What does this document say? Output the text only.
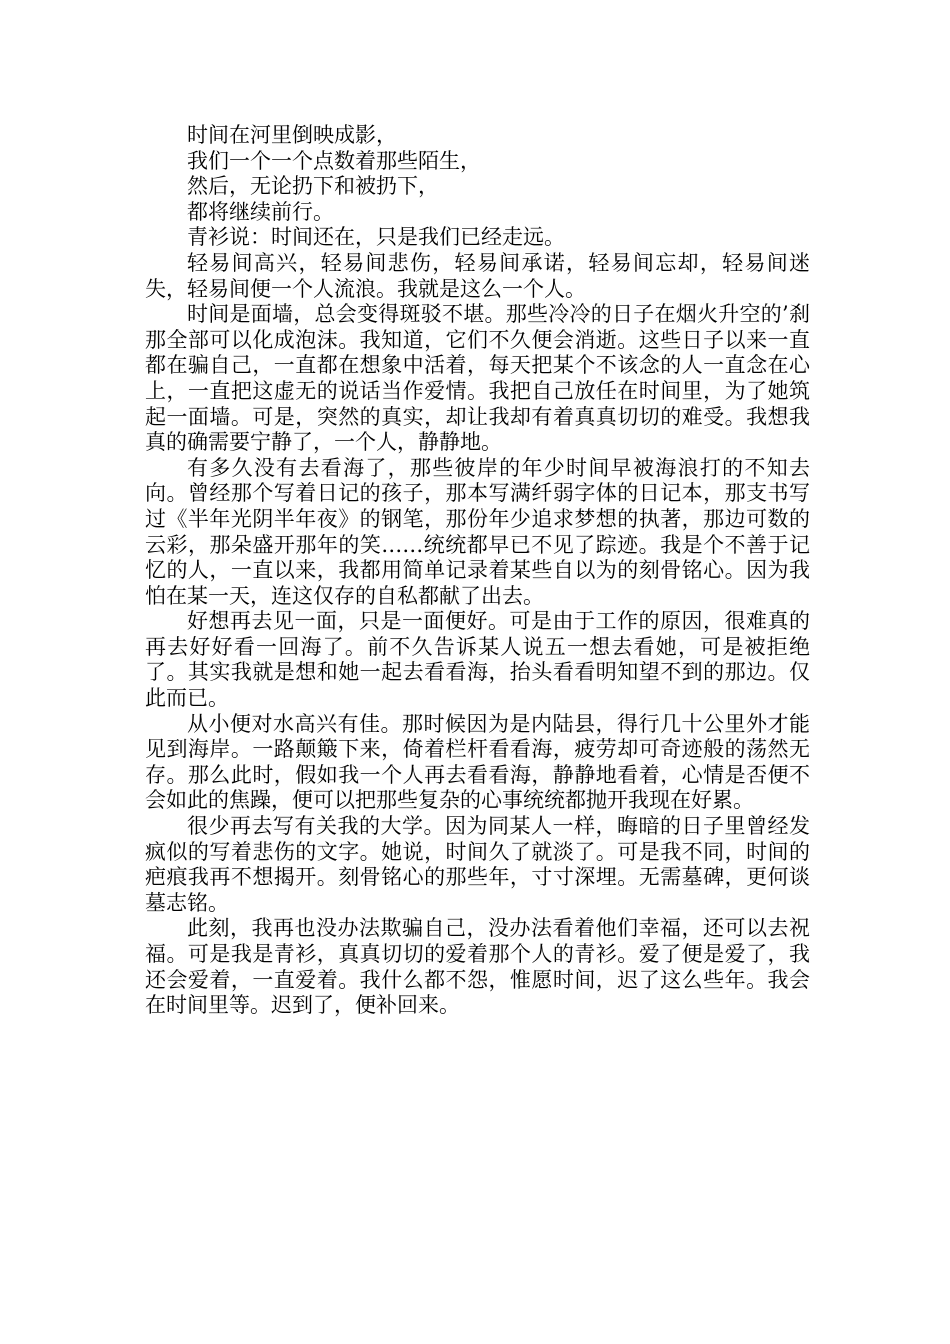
时间在河里倒映成影，

我们一个一个点数着那些陌生，

然后，无论扔下和被扔下，

都将继续前行。

青衫说：时间还在，只是我们已经走远。

轻易间高兴，轻易间悲伤，轻易间承诺，轻易间忘却，轻易间迷失，轻易间便一个人流浪。我就是这么一个人。

时间是面墙，总会变得斑驳不堪。那些冷冷的日子在烟火升空的’刹那全部可以化成泡沫。我知道，它们不久便会消逝。这些日子以来一直都在骗自己，一直都在想象中活着，每天把某个不该念的人一直念在心上，一直把这虚无的说话当作爱情。我把自己放任在时间里，为了她筑起一面墙。可是，突然的真实，却让我却有着真真切切的难受。我想我真的确需要宁静了，一个人，静静地。

有多久没有去看海了，那些彼岸的年少时间早被海浪打的不知去向。曾经那个写着日记的孩子，那本写满纤弱字体的日记本，那支书写过《半年光阴半年夜》的钢笔，那份年少追求梦想的执著，那边可数的云彩，那朵盛开那年的笑……统统都早已不见了踪迹。我是个不善于记忆的人，一直以来，我都用简单记录着某些自以为的刻骨铭心。因为我怕在某一天，连这仅存的自私都献了出去。

好想再去见一面，只是一面便好。可是由于工作的原因，很难真的再去好好看一回海了。前不久告诉某人说五一想去看她，可是被拒绝了。其实我就是想和她一起去看看海，抬头看看明知望不到的那边。仅此而已。

从小便对水高兴有佳。那时候因为是内陆县，得行几十公里外才能见到海岸。一路颠簸下来，倚着栏杆看看海，疲劳却可奇迹般的荡然无存。那么此时，假如我一个人再去看看海，静静地看着，心情是否便不会如此的焦躁，便可以把那些复杂的心事统统都抛开我现在好累。

很少再去写有关我的大学。因为同某人一样，晦暗的日子里曾经发疯似的写着悲伤的文字。她说，时间久了就淡了。可是我不同，时间的疤痕我再不想揭开。刻骨铭心的那些年，寸寸深埋。无需墓碑，更何谈墓志铭。

此刻，我再也没办法欺骗自己，没办法看着他们幸福，还可以去祝福。可是我是青衫，真真切切的爱着那个人的青衫。爱了便是爱了，我还会爱着，一直爱着。我什么都不怨，惟愿时间，迟了这么些年。我会在时间里等。迟到了，便补回来。
